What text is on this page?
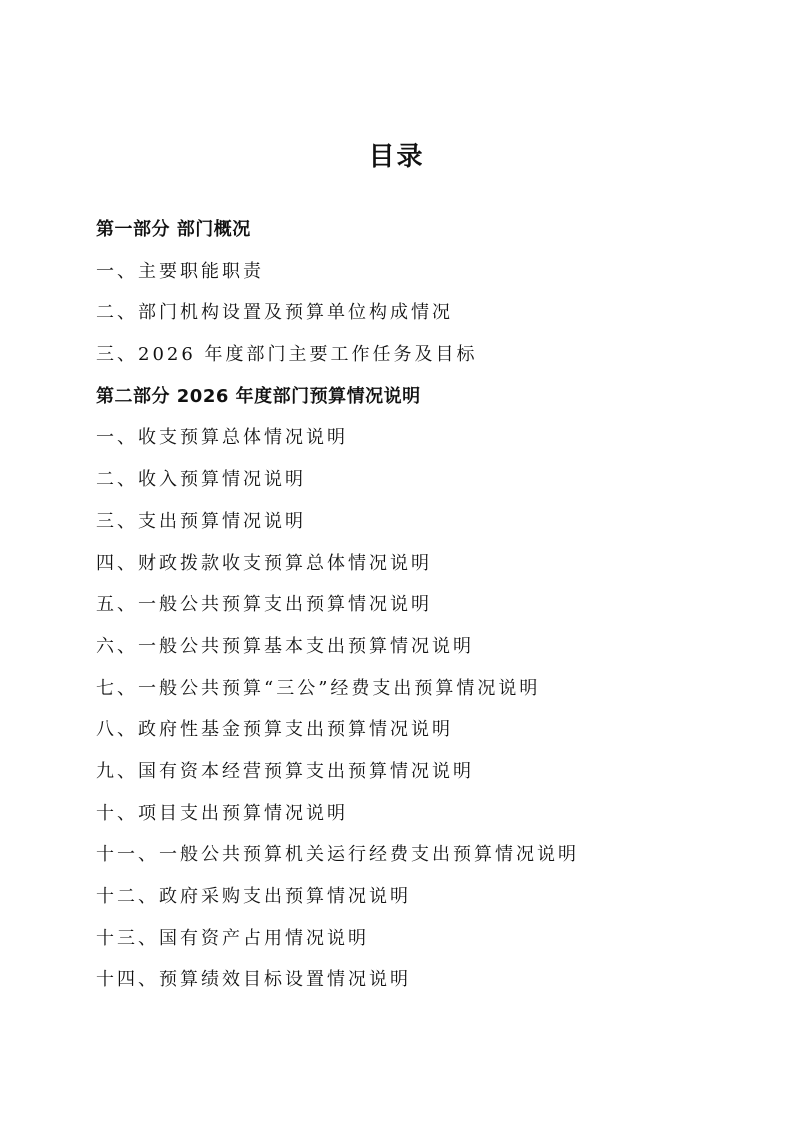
目录
第一部分 部门概况
一、主要职能职责
二、部门机构设置及预算单位构成情况
三、2026 年度部门主要工作任务及目标
第二部分 2026 年度部门预算情况说明
一、收支预算总体情况说明
二、收入预算情况说明
三、支出预算情况说明
四、财政拨款收支预算总体情况说明
五、一般公共预算支出预算情况说明
六、一般公共预算基本支出预算情况说明
七、一般公共预算“三公”经费支出预算情况说明
八、政府性基金预算支出预算情况说明
九、国有资本经营预算支出预算情况说明
十、项目支出预算情况说明
十一、一般公共预算机关运行经费支出预算情况说明
十二、政府采购支出预算情况说明
十三、国有资产占用情况说明
十四、预算绩效目标设置情况说明
